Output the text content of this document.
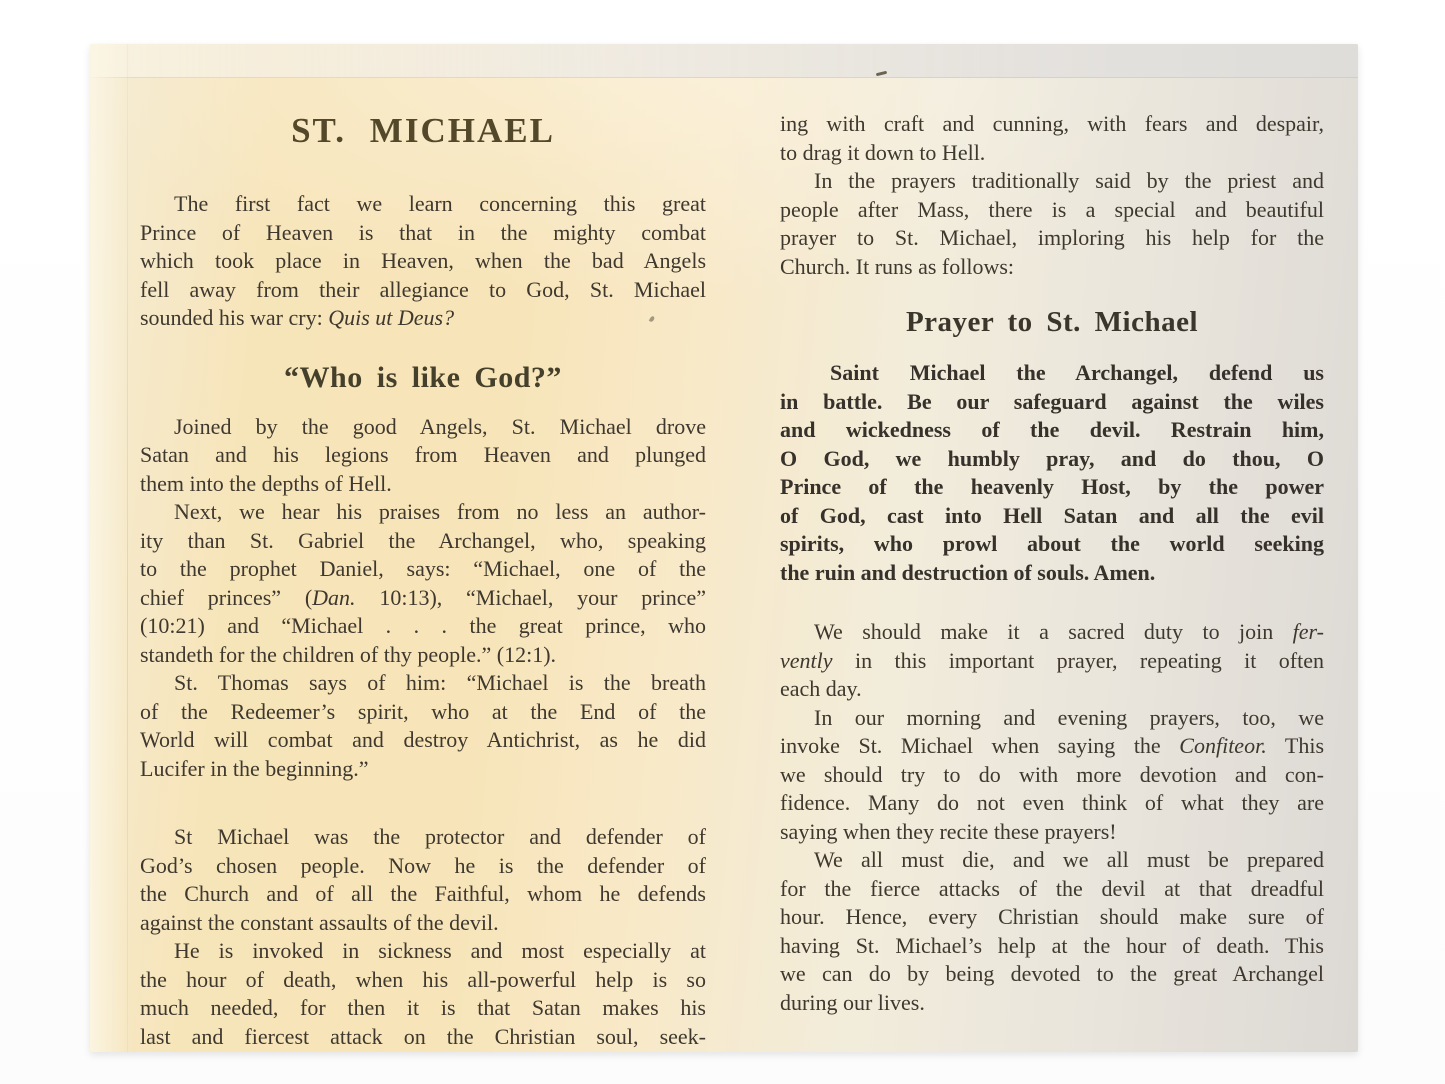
ST. MICHAEL
The first fact we learn concerning this great
Prince of Heaven is that in the mighty combat
which took place in Heaven, when the bad Angels
fell away from their allegiance to God, St. Michael
sounded his war cry: Quis ut Deus?
“Who is like God?”
Joined by the good Angels, St. Michael drove
Satan and his legions from Heaven and plunged
them into the depths of Hell.
Next, we hear his praises from no less an author-
ity than St. Gabriel the Archangel, who, speaking
to the prophet Daniel, says: “Michael, one of the
chief princes” (Dan. 10:13), “Michael, your prince”
(10:21) and “Michael . . . the great prince, who
standeth for the children of thy people.” (12:1).
St. Thomas says of him: “Michael is the breath
of the Redeemer’s spirit, who at the End of the
World will combat and destroy Antichrist, as he did
Lucifer in the beginning.”
St Michael was the protector and defender of
God’s chosen people. Now he is the defender of
the Church and of all the Faithful, whom he defends
against the constant assaults of the devil.
He is invoked in sickness and most especially at
the hour of death, when his all-powerful help is so
much needed, for then it is that Satan makes his
last and fiercest attack on the Christian soul, seek-
ing with craft and cunning, with fears and despair,
to drag it down to Hell.
In the prayers traditionally said by the priest and
people after Mass, there is a special and beautiful
prayer to St. Michael, imploring his help for the
Church. It runs as follows:
Prayer to St. Michael
Saint Michael the Archangel, defend us
in battle. Be our safeguard against the wiles
and wickedness of the devil. Restrain him,
O God, we humbly pray, and do thou, O
Prince of the heavenly Host, by the power
of God, cast into Hell Satan and all the evil
spirits, who prowl about the world seeking
the ruin and destruction of souls. Amen.
We should make it a sacred duty to join fer-
vently in this important prayer, repeating it often
each day.
In our morning and evening prayers, too, we
invoke St. Michael when saying the Confiteor. This
we should try to do with more devotion and con-
fidence. Many do not even think of what they are
saying when they recite these prayers!
We all must die, and we all must be prepared
for the fierce attacks of the devil at that dreadful
hour. Hence, every Christian should make sure of
having St. Michael’s help at the hour of death. This
we can do by being devoted to the great Archangel
during our lives.
